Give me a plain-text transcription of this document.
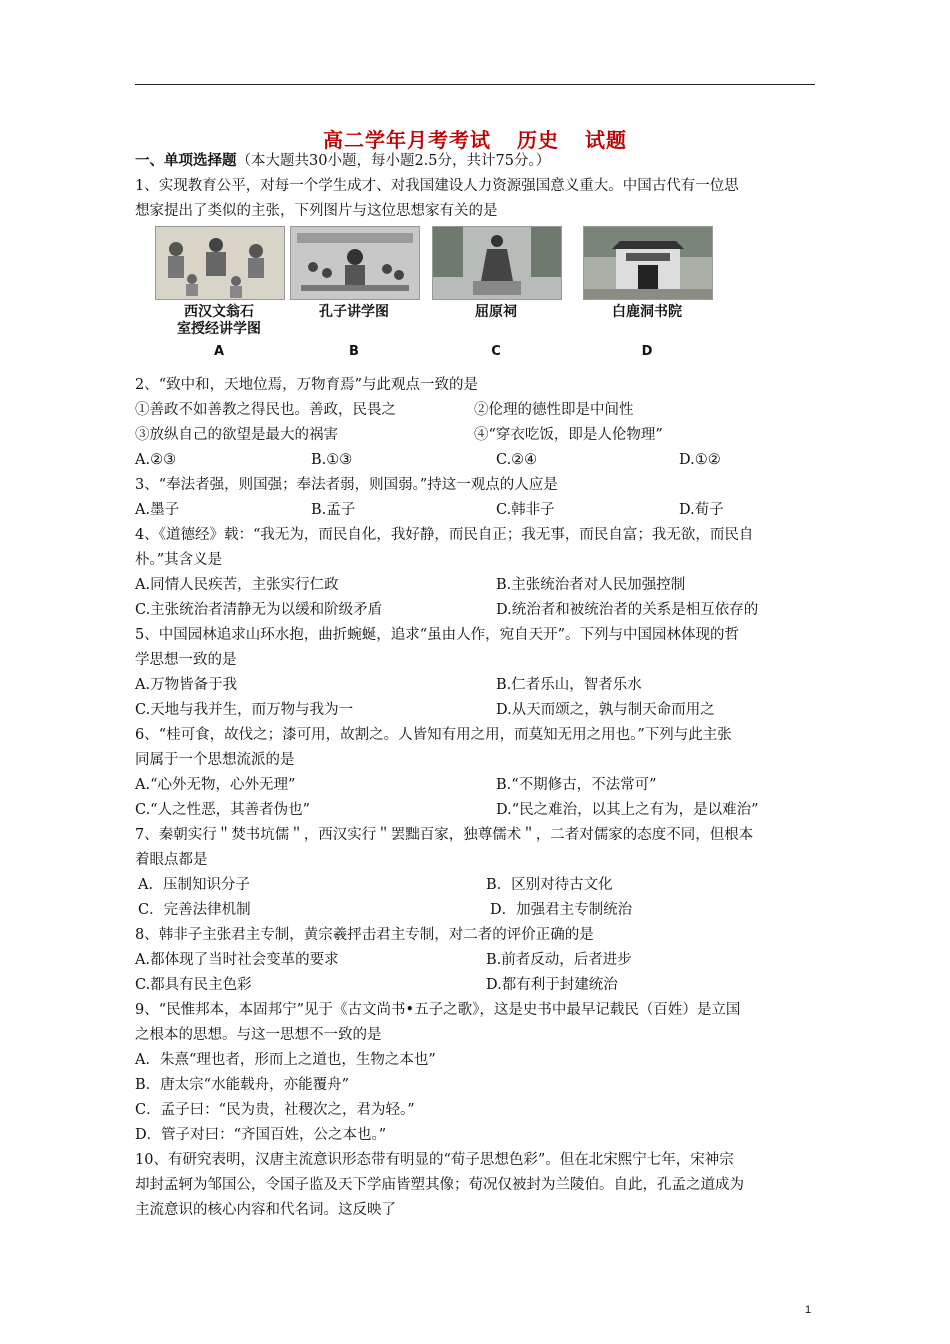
高二学年月考考试 历史 试题
一、单项选择题（本大题共30小题，每小题2.5分，共计75分。）
1、实现教育公平，对每一个学生成才、对我国建设人力资源强国意义重大。中国古代有一位思
想家提出了类似的主张，下列图片与这位思想家有关的是
西汉文翁石
室授经讲学图
A
孔子讲学图
B
屈原祠
C
白鹿洞书院
D
2、“致中和，天地位焉，万物育焉”与此观点一致的是
①善政不如善教之得民也。善政，民畏之	②伦理的德性即是中间性
③放纵自己的欲望是最大的祸害	④“穿衣吃饭，即是人伦物理”
A.②③	B.①③	C.②④	D.①②
3、“奉法者强，则国强；奉法者弱，则国弱。”持这一观点的人应是
A.墨子	B.孟子	C.韩非子	D.荀子
4、《道德经》载：“我无为，而民自化，我好静，而民自正；我无事，而民自富；我无欲，而民自
朴。”其含义是
A.同情人民疾苦，主张实行仁政	B.主张统治者对人民加强控制
C.主张统治者清静无为以缓和阶级矛盾	D.统治者和被统治者的关系是相互依存的
5、中国园林追求山环水抱，曲折蜿蜒，追求“虽由人作，宛自天开”。下列与中国园林体现的哲
学思想一致的是
A.万物皆备于我	B.仁者乐山，智者乐水
C.天地与我并生，而万物与我为一	D.从天而颂之，孰与制天命而用之
6、“桂可食，故伐之；漆可用，故割之。人皆知有用之用，而莫知无用之用也。”下列与此主张
同属于一个思想流派的是
A.“心外无物，心外无理”	B.“不期修古，不法常可”
C.“人之性恶，其善者伪也”	D.“民之难治，以其上之有为，是以难治”
7、秦朝实行＂焚书坑儒＂，西汉实行＂罢黜百家，独尊儒术＂，二者对儒家的态度不同，但根本
着眼点都是
A．压制知识分子	B．区别对待古文化
C．完善法律机制	D．加强君主专制统治
8、韩非子主张君主专制，黄宗羲抨击君主专制，对二者的评价正确的是
A.都体现了当时社会变革的要求	B.前者反动，后者进步
C.都具有民主色彩	D.都有利于封建统治
9、“民惟邦本，本固邦宁”见于《古文尚书•五子之歌》，这是史书中最早记载民（百姓）是立国
之根本的思想。与这一思想不一致的是
A．朱熹“理也者，形而上之道也，生物之本也”
B．唐太宗“水能载舟，亦能覆舟”
C．孟子曰：“民为贵，社稷次之，君为轻。”
D．管子对曰：“齐国百姓，公之本也。”
10、有研究表明，汉唐主流意识形态带有明显的“荀子思想色彩”。但在北宋熙宁七年，宋神宗
却封孟轲为邹国公，令国子监及天下学庙皆塑其像；荀况仅被封为兰陵伯。自此，孔孟之道成为
主流意识的核心内容和代名词。这反映了
1
